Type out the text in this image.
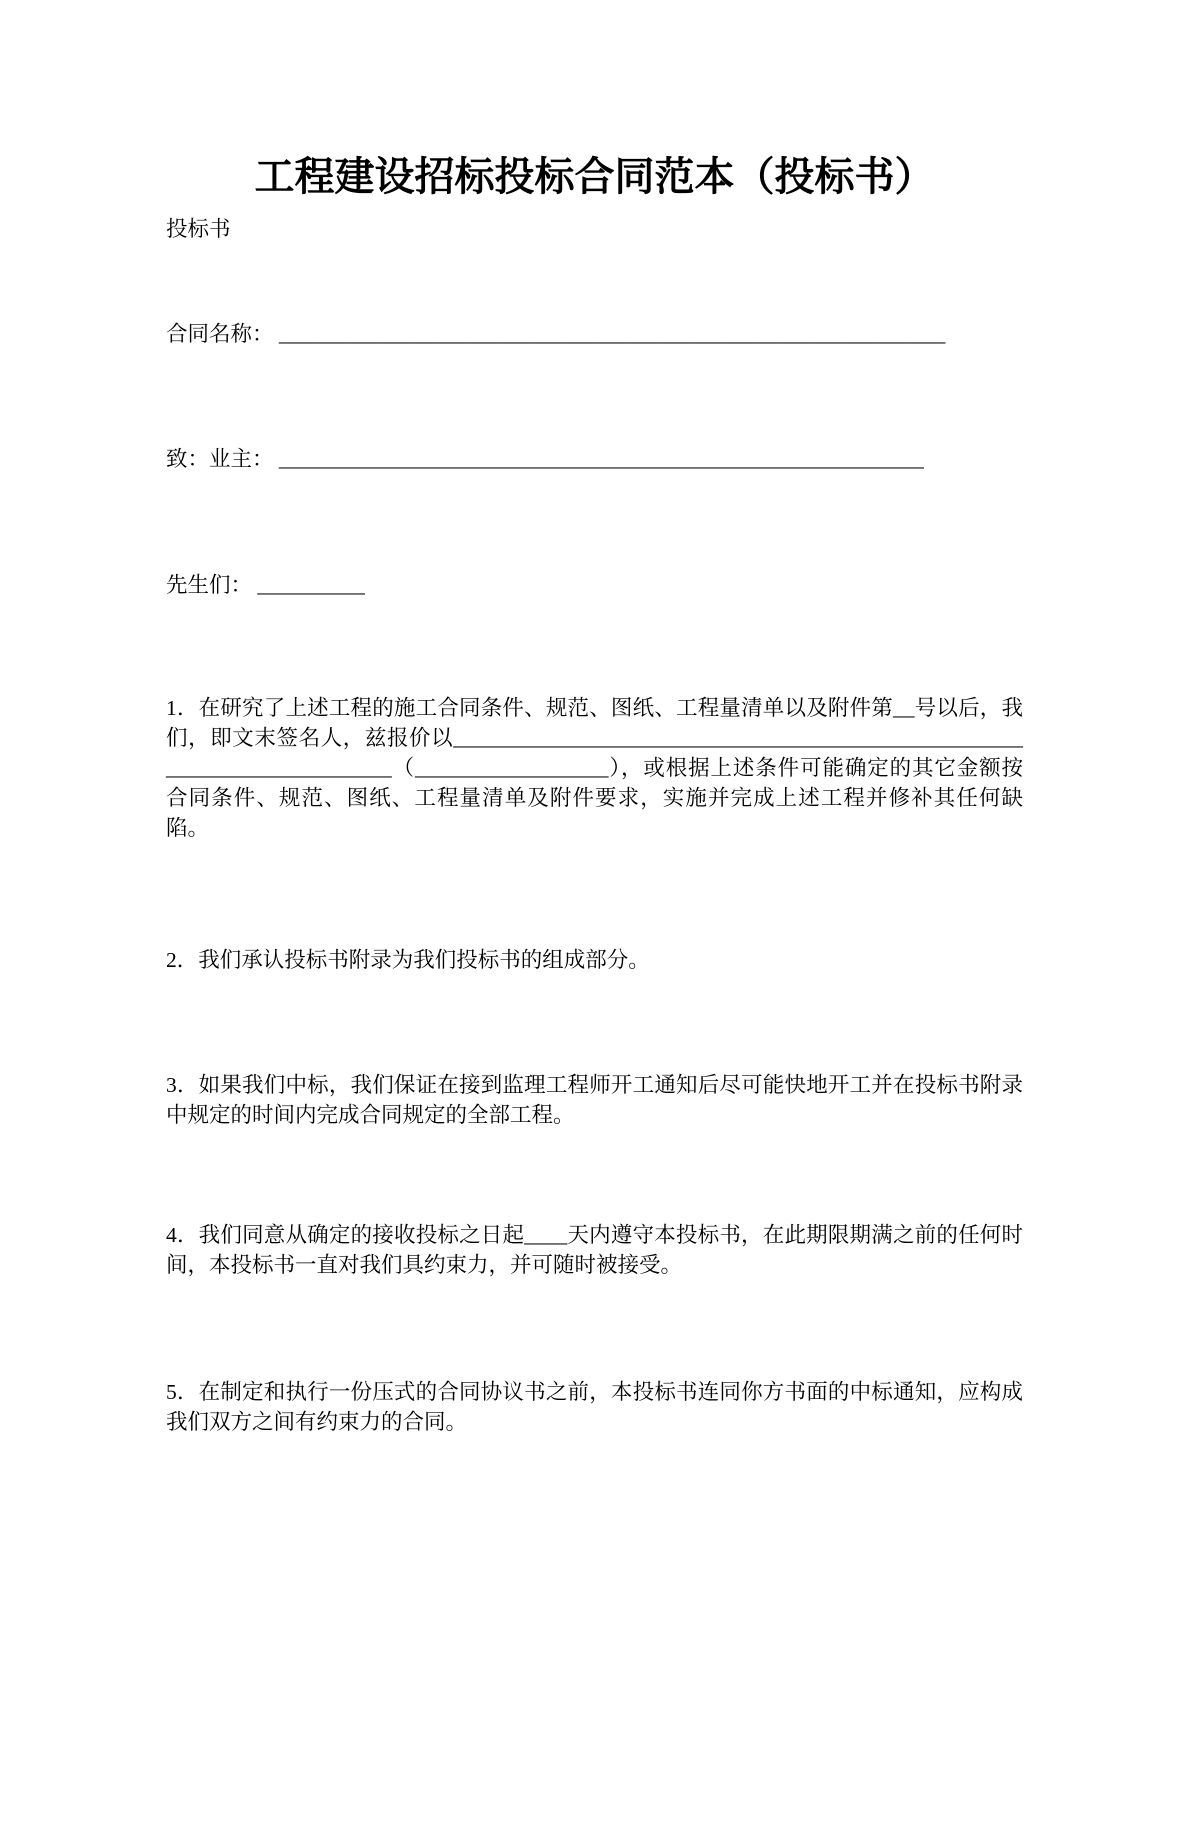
工程建设招标投标合同范本（投标书）

投标书

合同名称： ______________________________________________________________
致：业主： ____________________________________________________________
先生们： __________

1．在研究了上述工程的施工合同条件、规范、图纸、工程量清单以及附件第__号以后，我们，即文末签名人，兹报价以__________________________________________________________________________（__________________），或根据上述条件可能确定的其它金额按合同条件、规范、图纸、工程量清单及附件要求，实施并完成上述工程并修补其任何缺陷。

2．我们承认投标书附录为我们投标书的组成部分。

3．如果我们中标，我们保证在接到监理工程师开工通知后尽可能快地开工并在投标书附录中规定的时间内完成合同规定的全部工程。

4．我们同意从确定的接收投标之日起____天内遵守本投标书，在此期限期满之前的任何时间，本投标书一直对我们具约束力，并可随时被接受。

5．在制定和执行一份压式的合同协议书之前，本投标书连同你方书面的中标通知，应构成我们双方之间有约束力的合同。
